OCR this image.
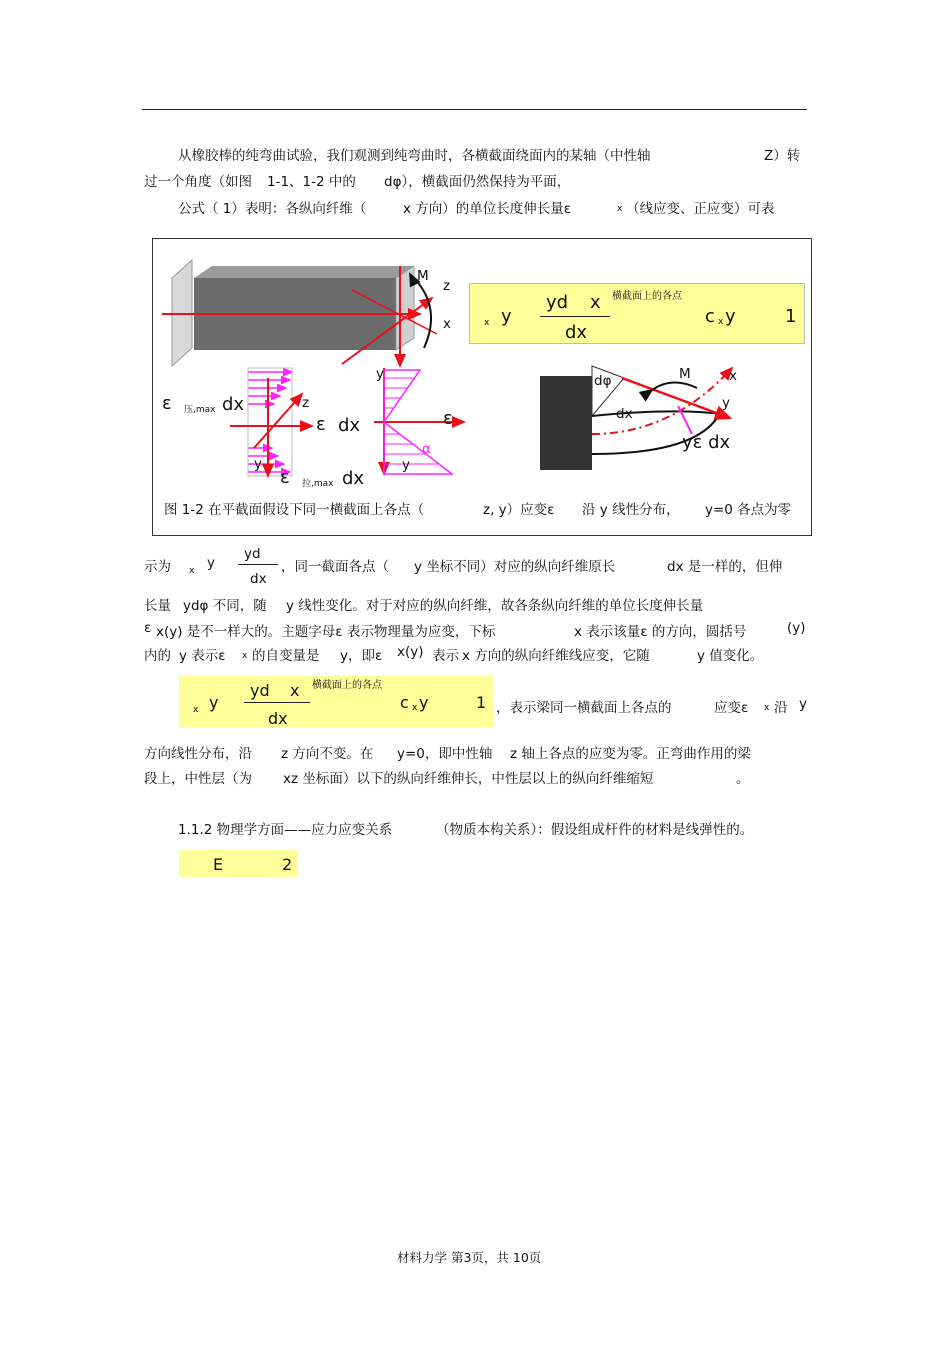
从橡胶棒的纯弯曲试验，我们观测到纯弯曲时，各横截面绕面内的某轴（中性轴	Z）转
过一个角度（如图 1-1、1-2 中的 dφ），横截面仍然保持为平面，
公式（ 1）表明：各纵向纤维（	x 方向）的单位长度伸长量ε	x （线应变、正应变）可表
M
z
x
y
ε 压,max dx	z
ε dx
y
ε 拉,max dx
ε
α
y
dφ	M	x
dx
y
yε dx
图 1-2 在平截面假设下同一横截面上各点（	z, y）应变ε 沿 y 线性分布， y=0 各点为零
x y
yd x
dx
横截面上的各点
c x y	1
示为 x y
yd
dx
，同一截面各点（ y 坐标不同）对应的纵向纤维原长	dx 是一样的，但伸
长量 ydφ 不同，随 y 线性变化。对于对应的纵向纤维，故各条纵向纤维的单位长度伸长量
ε x(y) 是不一样大的。主题字母ε 表示物理量为应变，下标	x 表示该量ε 的方向，圆括号	(y)
内的 y 表示ε x 的自变量是 y，即ε x(y) 表示 x 方向的纵向纤维线应变，它随	y 值变化。
x y
yd x
dx
横截面上的各点
c x y	1 ，表示梁同一横截面上各点的	应变ε x 沿 y
方向线性分布，沿 z 方向不变。在 y=0，即中性轴 z 轴上各点的应变为零。正弯曲作用的梁
段上，中性层（为 xz 坐标面）以下的纵向纤维伸长，中性层以上的纵向纤维缩短	。
1.1.2 物理学方面——应力应变关系	（物质本构关系）：假设组成杆件的材料是线弹性的。
E	2
材料力学 第3页，共 10页
